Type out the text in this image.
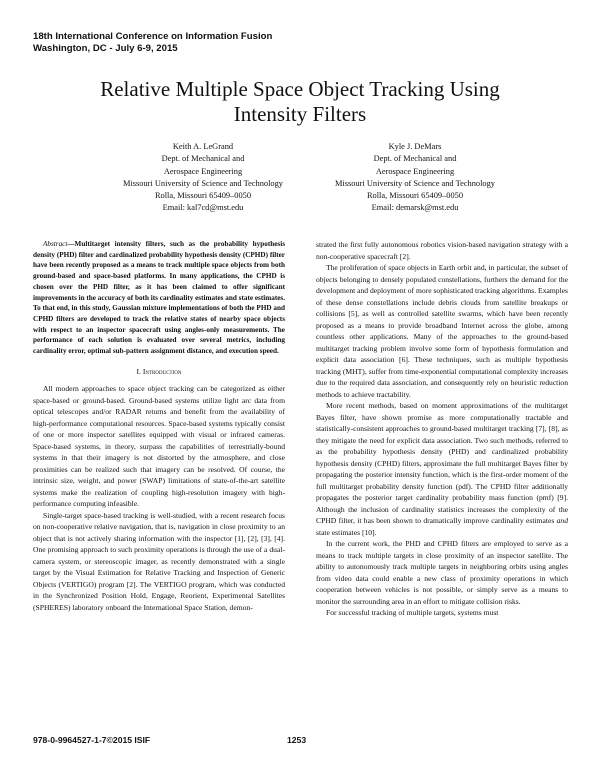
18th International Conference on Information Fusion
Washington, DC - July 6-9, 2015
Relative Multiple Space Object Tracking Using
Intensity Filters
Keith A. LeGrand
Dept. of Mechanical and
Aerospace Engineering
Missouri University of Science and Technology
Rolla, Missouri 65409–0050
Email: kal7cd@mst.edu
Kyle J. DeMars
Dept. of Mechanical and
Aerospace Engineering
Missouri University of Science and Technology
Rolla, Missouri 65409–0050
Email: demarsk@mst.edu

Abstract—Multitarget intensity filters, such as the probability hypothesis density (PHD) filter and cardinalized probability hypothesis density (CPHD) filter have been recently proposed as a means to track multiple space objects from both ground-based and space-based platforms. In many applications, the CPHD is chosen over the PHD filter, as it has been claimed to offer significant improvements in the accuracy of both its cardinality estimates and state estimates. To that end, in this study, Gaussian mixture implementations of both the PHD and CPHD filters are developed to track the relative states of nearby space objects with respect to an inspector spacecraft using angles-only measurements. The performance of each solution is evaluated over several metrics, including cardinality error, optimal sub-pattern assignment distance, and execution speed.

I. Introduction

All modern approaches to space object tracking can be categorized as either space-based or ground-based. Ground-based systems utilize light arc data from optical telescopes and/or RADAR returns and benefit from the availability of high-performance computational resources. Space-based systems typically consist of one or more inspector satellites equipped with visual or infrared cameras. Space-based systems, in theory, surpass the capabilities of terrestrially-bound systems in that their imagery is not distorted by the atmosphere, and close proximities can be realized such that imagery can be resolved. Of course, the intrinsic size, weight, and power (SWAP) limitations of state-of-the-art satellite systems make the realization of coupling high-resolution imagery with high-performance computing infeasible.

Single-target space-based tracking is well-studied, with a recent research focus on non-cooperative relative navigation, that is, navigation in close proximity to an object that is not actively sharing information with the inspector [1], [2], [3], [4]. One promising approach to such proximity operations is through the use of a dual-camera system, or stereoscopic imager, as recently demonstrated with a single target by the Visual Estimation for Relative Tracking and Inspection of Generic Objects (VERTIGO) program [2]. The VERTIGO program, which was conducted in the Synchronized Position Hold, Engage, Reorient, Experimental Satellites (SPHERES) laboratory onboard the International Space Station, demon-

strated the first fully autonomous robotics vision-based navigation strategy with a non-cooperative spacecraft [2].

The proliferation of space objects in Earth orbit and, in particular, the subset of objects belonging to densely populated constellations, furthers the demand for the development and deployment of more sophisticated tracking algorithms. Examples of these dense constellations include debris clouds from satellite breakups or collisions [5], as well as controlled satellite swarms, which have been recently proposed as a means to provide broadband Internet across the globe, among countless other applications. Many of the approaches to the ground-based multitarget tracking problem involve some form of hypothesis formulation and explicit data association [6]. These techniques, such as multiple hypothesis tracking (MHT), suffer from time-exponential computational complexity increases due to the required data association, and consequently rely on heuristic reduction methods to achieve tractability.

More recent methods, based on moment approximations of the multitarget Bayes filter, have shown promise as more computationally tractable and statistically-consistent approaches to ground-based multitarget tracking [7], [8], as they mitigate the need for explicit data association. Two such methods, referred to as the probability hypothesis density (PHD) and cardinalized probability hypothesis density (CPHD) filters, approximate the full multitarget Bayes filter by propagating the posterior intensity function, which is the first-order moment of the full multitarget probability density function (pdf). The CPHD filter additionally propagates the posterior target cardinality probability mass function (pmf) [9]. Although the inclusion of cardinality statistics increases the complexity of the CPHD filter, it has been shown to dramatically improve cardinality estimates and state estimates [10].

In the current work, the PHD and CPHD filters are employed to serve as a means to track multiple targets in close proximity of an inspector satellite. The ability to autonomously track multiple targets in neighboring orbits using angles from video data could enable a new class of proximity operations in which cooperation between vehicles is not possible, or simply serve as a means to monitor the surrounding area in an effort to mitigate collision risks.

For successful tracking of multiple targets, systems must

978-0-9964527-1-7©2015 ISIF	1253
